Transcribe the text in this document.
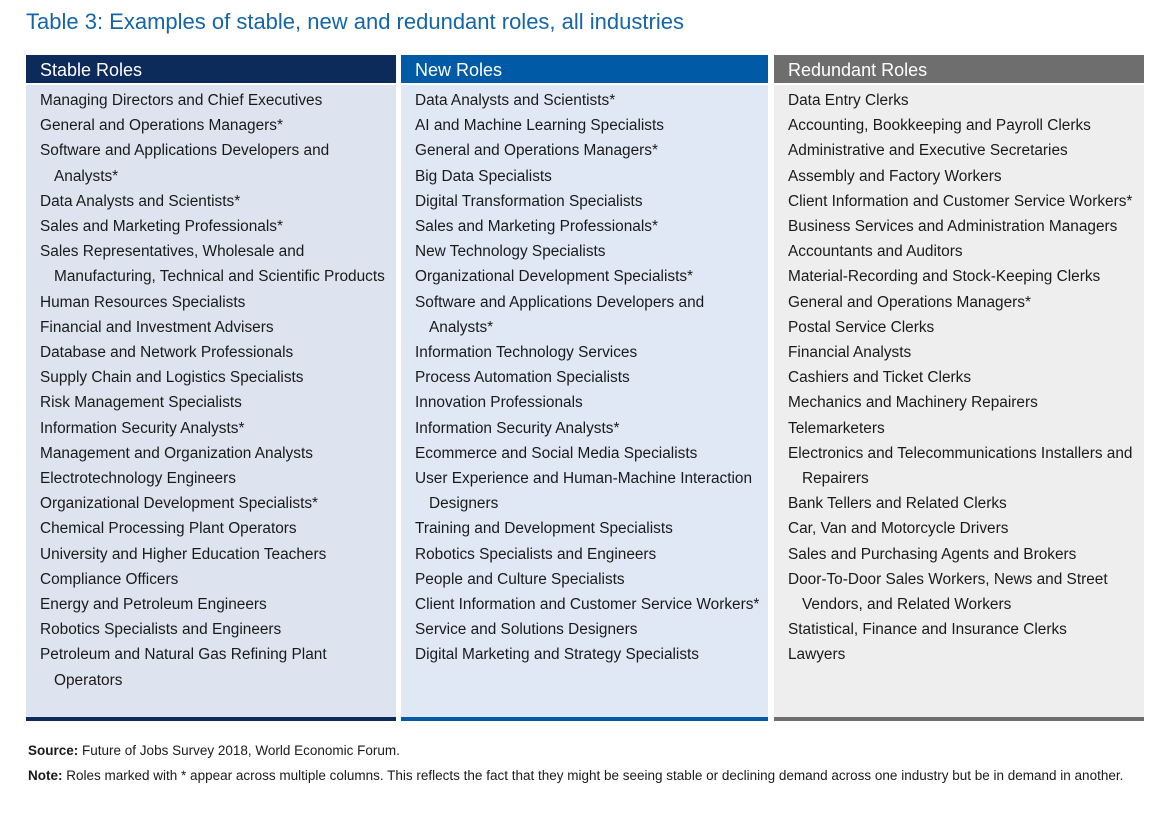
Table 3: Examples of stable, new and redundant roles, all industries
Stable Roles
Managing Directors and Chief Executives
General and Operations Managers*
Software and Applications Developers and Analysts*
Data Analysts and Scientists*
Sales and Marketing Professionals*
Sales Representatives, Wholesale and Manufacturing, Technical and Scientific Products
Human Resources Specialists
Financial and Investment Advisers
Database and Network Professionals
Supply Chain and Logistics Specialists
Risk Management Specialists
Information Security Analysts*
Management and Organization Analysts
Electrotechnology Engineers
Organizational Development Specialists*
Chemical Processing Plant Operators
University and Higher Education Teachers
Compliance Officers
Energy and Petroleum Engineers
Robotics Specialists and Engineers
Petroleum and Natural Gas Refining Plant Operators
New Roles
Data Analysts and Scientists*
AI and Machine Learning Specialists
General and Operations Managers*
Big Data Specialists
Digital Transformation Specialists
Sales and Marketing Professionals*
New Technology Specialists
Organizational Development Specialists*
Software and Applications Developers and Analysts*
Information Technology Services
Process Automation Specialists
Innovation Professionals
Information Security Analysts*
Ecommerce and Social Media Specialists
User Experience and Human-Machine Interaction Designers
Training and Development Specialists
Robotics Specialists and Engineers
People and Culture Specialists
Client Information and Customer Service Workers*
Service and Solutions Designers
Digital Marketing and Strategy Specialists
Redundant Roles
Data Entry Clerks
Accounting, Bookkeeping and Payroll Clerks
Administrative and Executive Secretaries
Assembly and Factory Workers
Client Information and Customer Service Workers*
Business Services and Administration Managers
Accountants and Auditors
Material-Recording and Stock-Keeping Clerks
General and Operations Managers*
Postal Service Clerks
Financial Analysts
Cashiers and Ticket Clerks
Mechanics and Machinery Repairers
Telemarketers
Electronics and Telecommunications Installers and Repairers
Bank Tellers and Related Clerks
Car, Van and Motorcycle Drivers
Sales and Purchasing Agents and Brokers
Door-To-Door Sales Workers, News and Street Vendors, and Related Workers
Statistical, Finance and Insurance Clerks
Lawyers
Source: Future of Jobs Survey 2018, World Economic Forum.
Note: Roles marked with * appear across multiple columns. This reflects the fact that they might be seeing stable or declining demand across one industry but be in demand in another.
